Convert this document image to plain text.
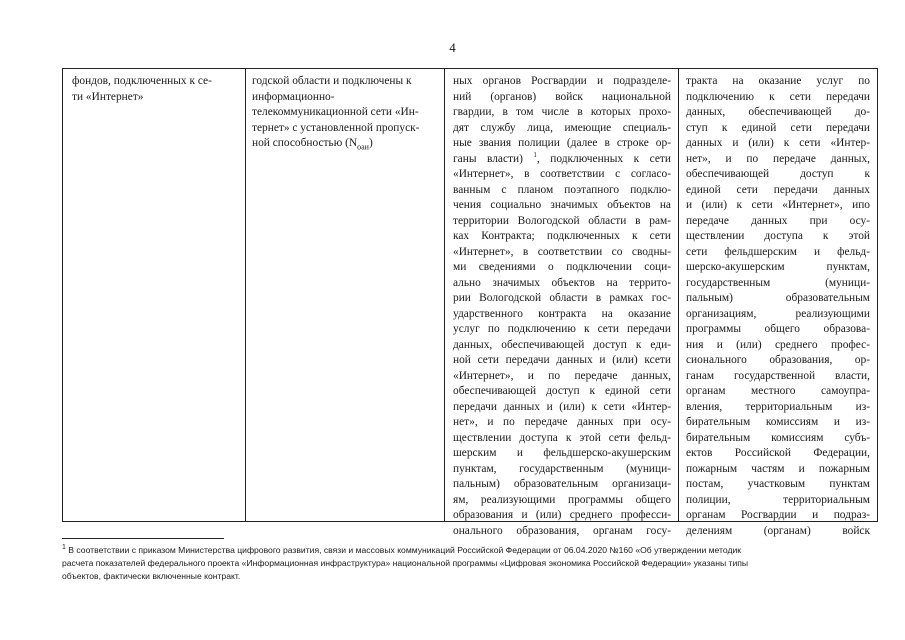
4
фондов, подключенных к се-
ти «Интернет»
годской области и подключены к
информационно-
телекоммуникационной сети «Ин-
тернет» с установленной пропуск-
ной способностью $(N_{оаи})$
ных органов Росгвардии и подразделе-
ний (органов) войск национальной
гвардии, в том числе в которых прохо-
дят службу лица, имеющие специаль-
ные звания полиции (далее в строке ор-
ганы власти) $^1$, подключенных к сети
«Интернет», в соответствии с согласо-
ванным с планом поэтапного подклю-
чения социально значимых объектов на
территории Вологодской области в рам-
ках Контракта; подключенных к сети
«Интернет», в соответствии со сводны-
ми сведениями о подключении соци-
ально значимых объектов на террито-
рии Вологодской области в рамках гос-
ударственного контракта на оказание
услуг по подключению к сети передачи
данных, обеспечивающей доступ к еди-
ной сети передачи данных и (или) ксети
«Интернет», и по передаче данных,
обеспечивающей доступ к единой сети
передачи данных и (или) к сети «Интер-
нет», и по передаче данных при осу-
ществлении доступа к этой сети фельд-
шерским и фельдшерско-акушерским
пунктам, государственным (муници-
пальным) образовательным организаци-
ям, реализующими программы общего
образования и (или) среднего професси-
онального образования, органам госу-
тракта на оказание услуг по
подключению к сети передачи
данных, обеспечивающей до-
ступ к единой сети передачи
данных и (или) к сети «Интер-
нет», и по передаче данных,
обеспечивающей доступ к
единой сети передачи данных
и (или) к сети «Интернет», ипо
передаче данных при осу-
ществлении доступа к этой
сети фельдшерским и фельд-
шерско-акушерским пунктам,
государственным (муници-
пальным) образовательным
организациям, реализующими
программы общего образова-
ния и (или) среднего профес-
сионального образования, ор-
ганам государственной власти,
органам местного самоупра-
вления, территориальным из-
бирательным комиссиям и из-
бирательным комиссиям субъ-
ектов Российской Федерации,
пожарным частям и пожарным
постам, участковым пунктам
полиции, территориальным
органам Росгвардии и подраз-
делениям (органам) войск
$^1$ В соответствии с приказом Министерства цифрового развития, связи и массовых коммуникаций Российской Федерации от 06.04.2020 №160 «Об утверждении методик
расчета показателей федерального проекта «Информационная инфраструктура» национальной программы «Цифровая экономика Российской Федерации» указаны типы
объектов, фактически включенные контракт.
